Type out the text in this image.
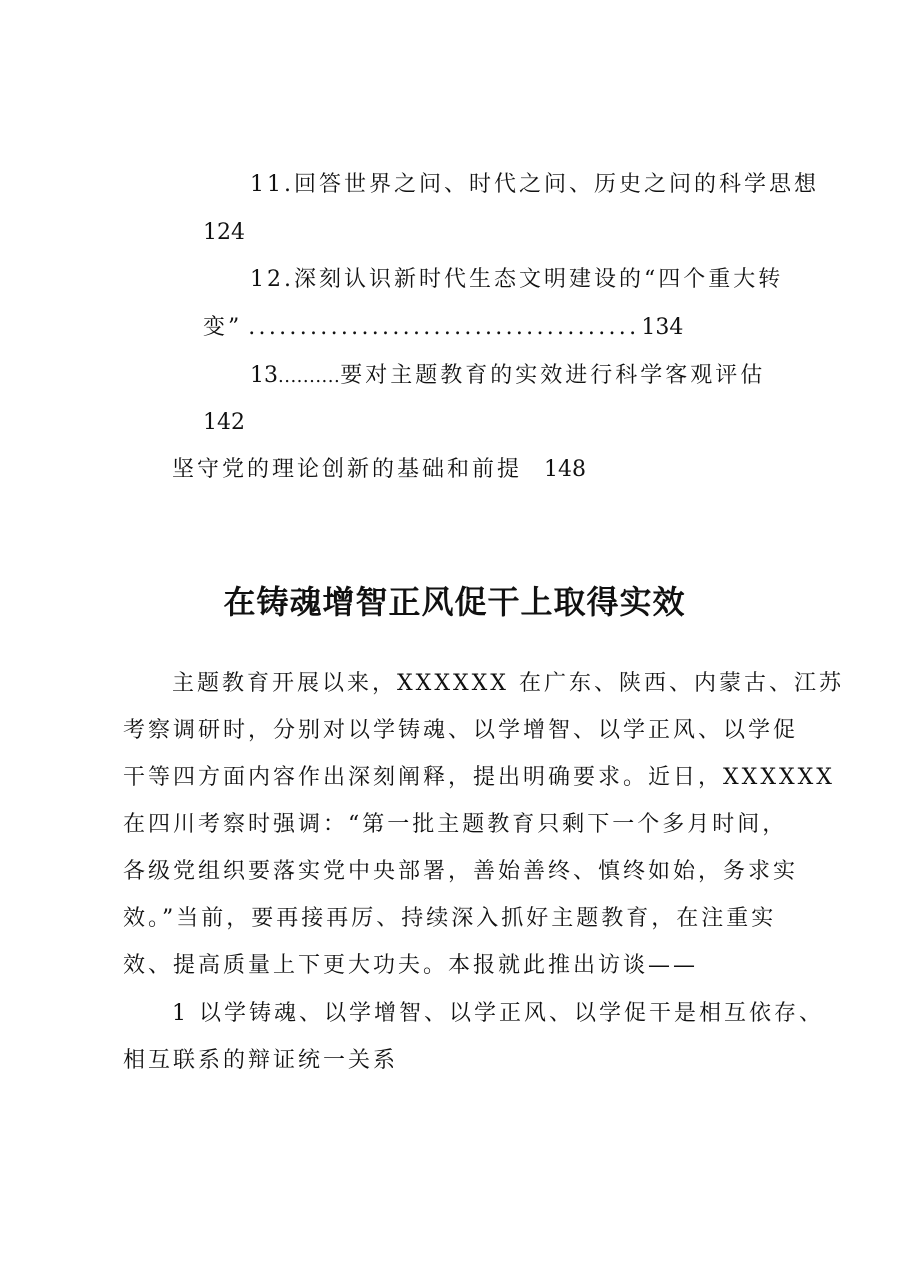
11.回答世界之问、时代之问、历史之问的科学思想
124
12.深刻认识新时代生态文明建设的“四个重大转
变” ......................................134
13..........要对主题教育的实效进行科学客观评估
142
坚守党的理论创新的基础和前提 148
在铸魂增智正风促干上取得实效
主题教育开展以来，XXXXXX 在广东、陕西、内蒙古、江苏
考察调研时，分别对以学铸魂、以学增智、以学正风、以学促
干等四方面内容作出深刻阐释，提出明确要求。近日，XXXXXX
在四川考察时强调：“第一批主题教育只剩下一个多月时间，
各级党组织要落实党中央部署，善始善终、慎终如始，务求实
效。”当前，要再接再厉、持续深入抓好主题教育，在注重实
效、提高质量上下更大功夫。本报就此推出访谈——
1 以学铸魂、以学增智、以学正风、以学促干是相互依存、
相互联系的辩证统一关系
